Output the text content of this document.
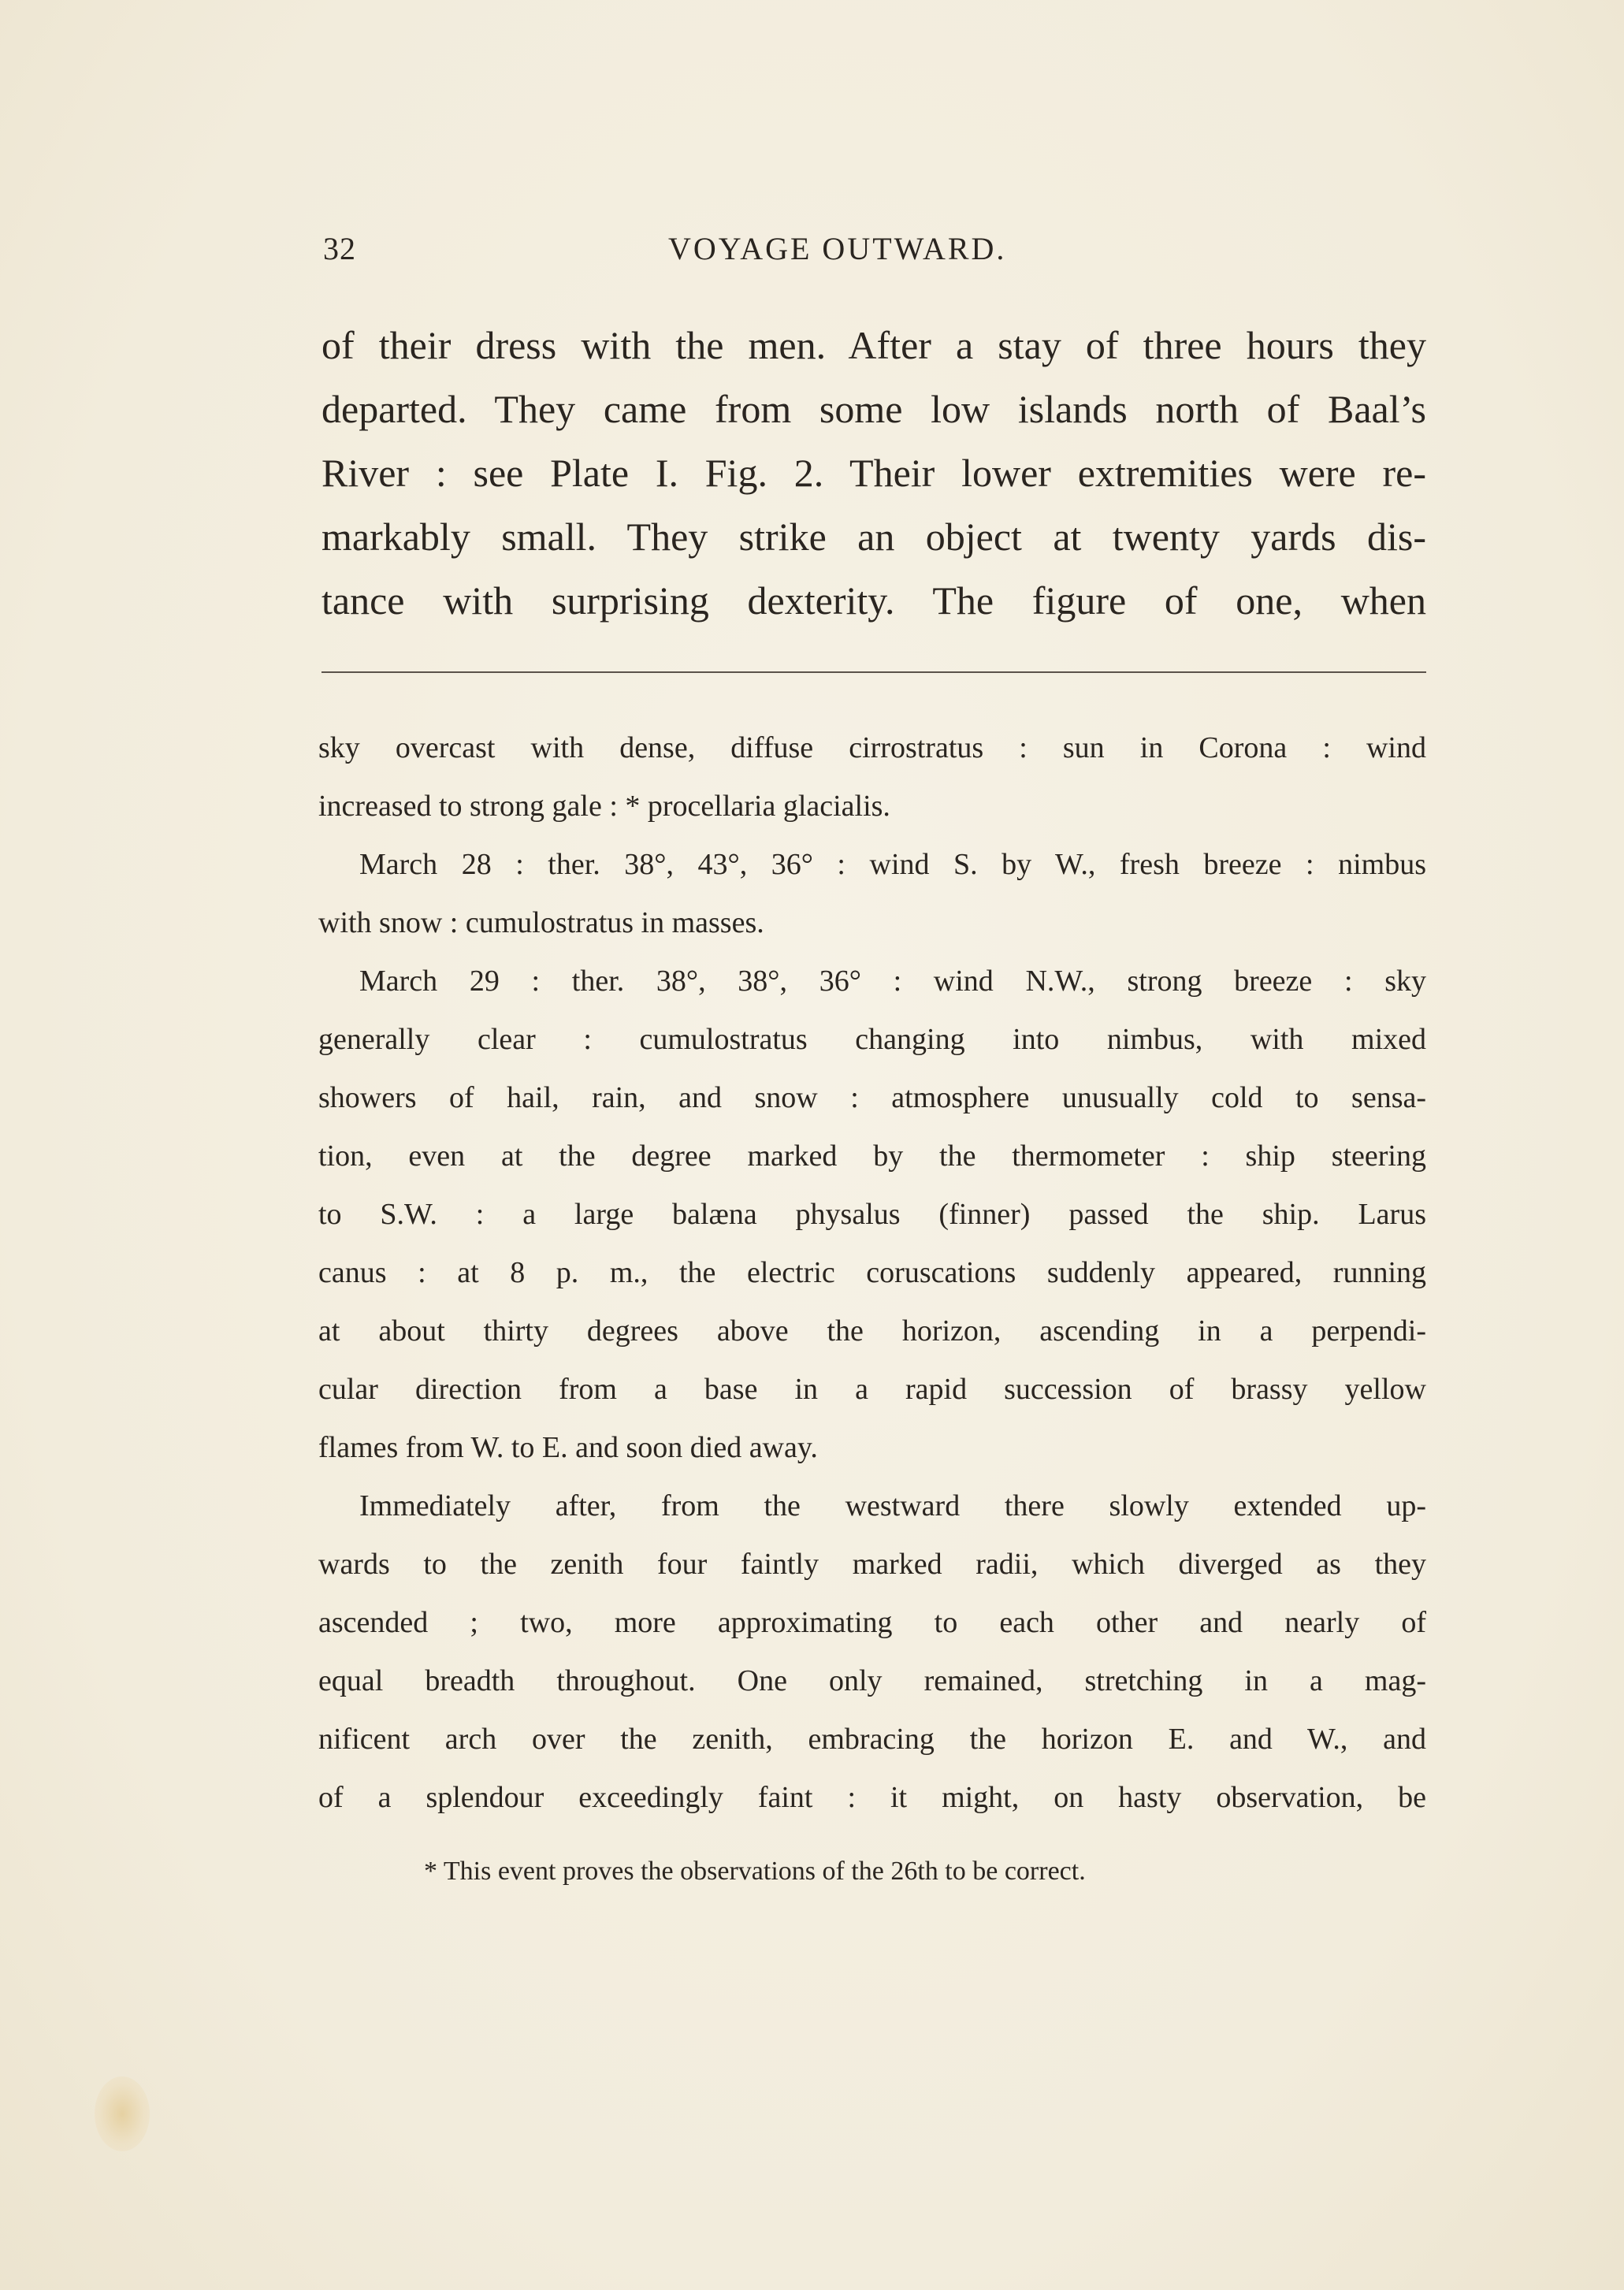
32	VOYAGE OUTWARD.
of their dress with the men. After a stay of three hours they
departed. They came from some low islands north of Baal’s
River : see Plate I. Fig. 2. Their lower extremities were re-
markably small. They strike an object at twenty yards dis-
tance with surprising dexterity. The figure of one, when
sky overcast with dense, diffuse cirrostratus : sun in Corona : wind
increased to strong gale : * procellaria glacialis.
March 28 : ther. 38°, 43°, 36° : wind S. by W., fresh breeze : nimbus
with snow : cumulostratus in masses.
March 29 : ther. 38°, 38°, 36° : wind N.W., strong breeze : sky
generally clear : cumulostratus changing into nimbus, with mixed
showers of hail, rain, and snow : atmosphere unusually cold to sensa-
tion, even at the degree marked by the thermometer : ship steering
to S.W. : a large balæna physalus (finner) passed the ship. Larus
canus : at 8 p. m., the electric coruscations suddenly appeared, running
at about thirty degrees above the horizon, ascending in a perpendi-
cular direction from a base in a rapid succession of brassy yellow
flames from W. to E. and soon died away.
Immediately after, from the westward there slowly extended up-
wards to the zenith four faintly marked radii, which diverged as they
ascended ; two, more approximating to each other and nearly of
equal breadth throughout. One only remained, stretching in a mag-
nificent arch over the zenith, embracing the horizon E. and W., and
of a splendour exceedingly faint : it might, on hasty observation, be
* This event proves the observations of the 26th to be correct.
